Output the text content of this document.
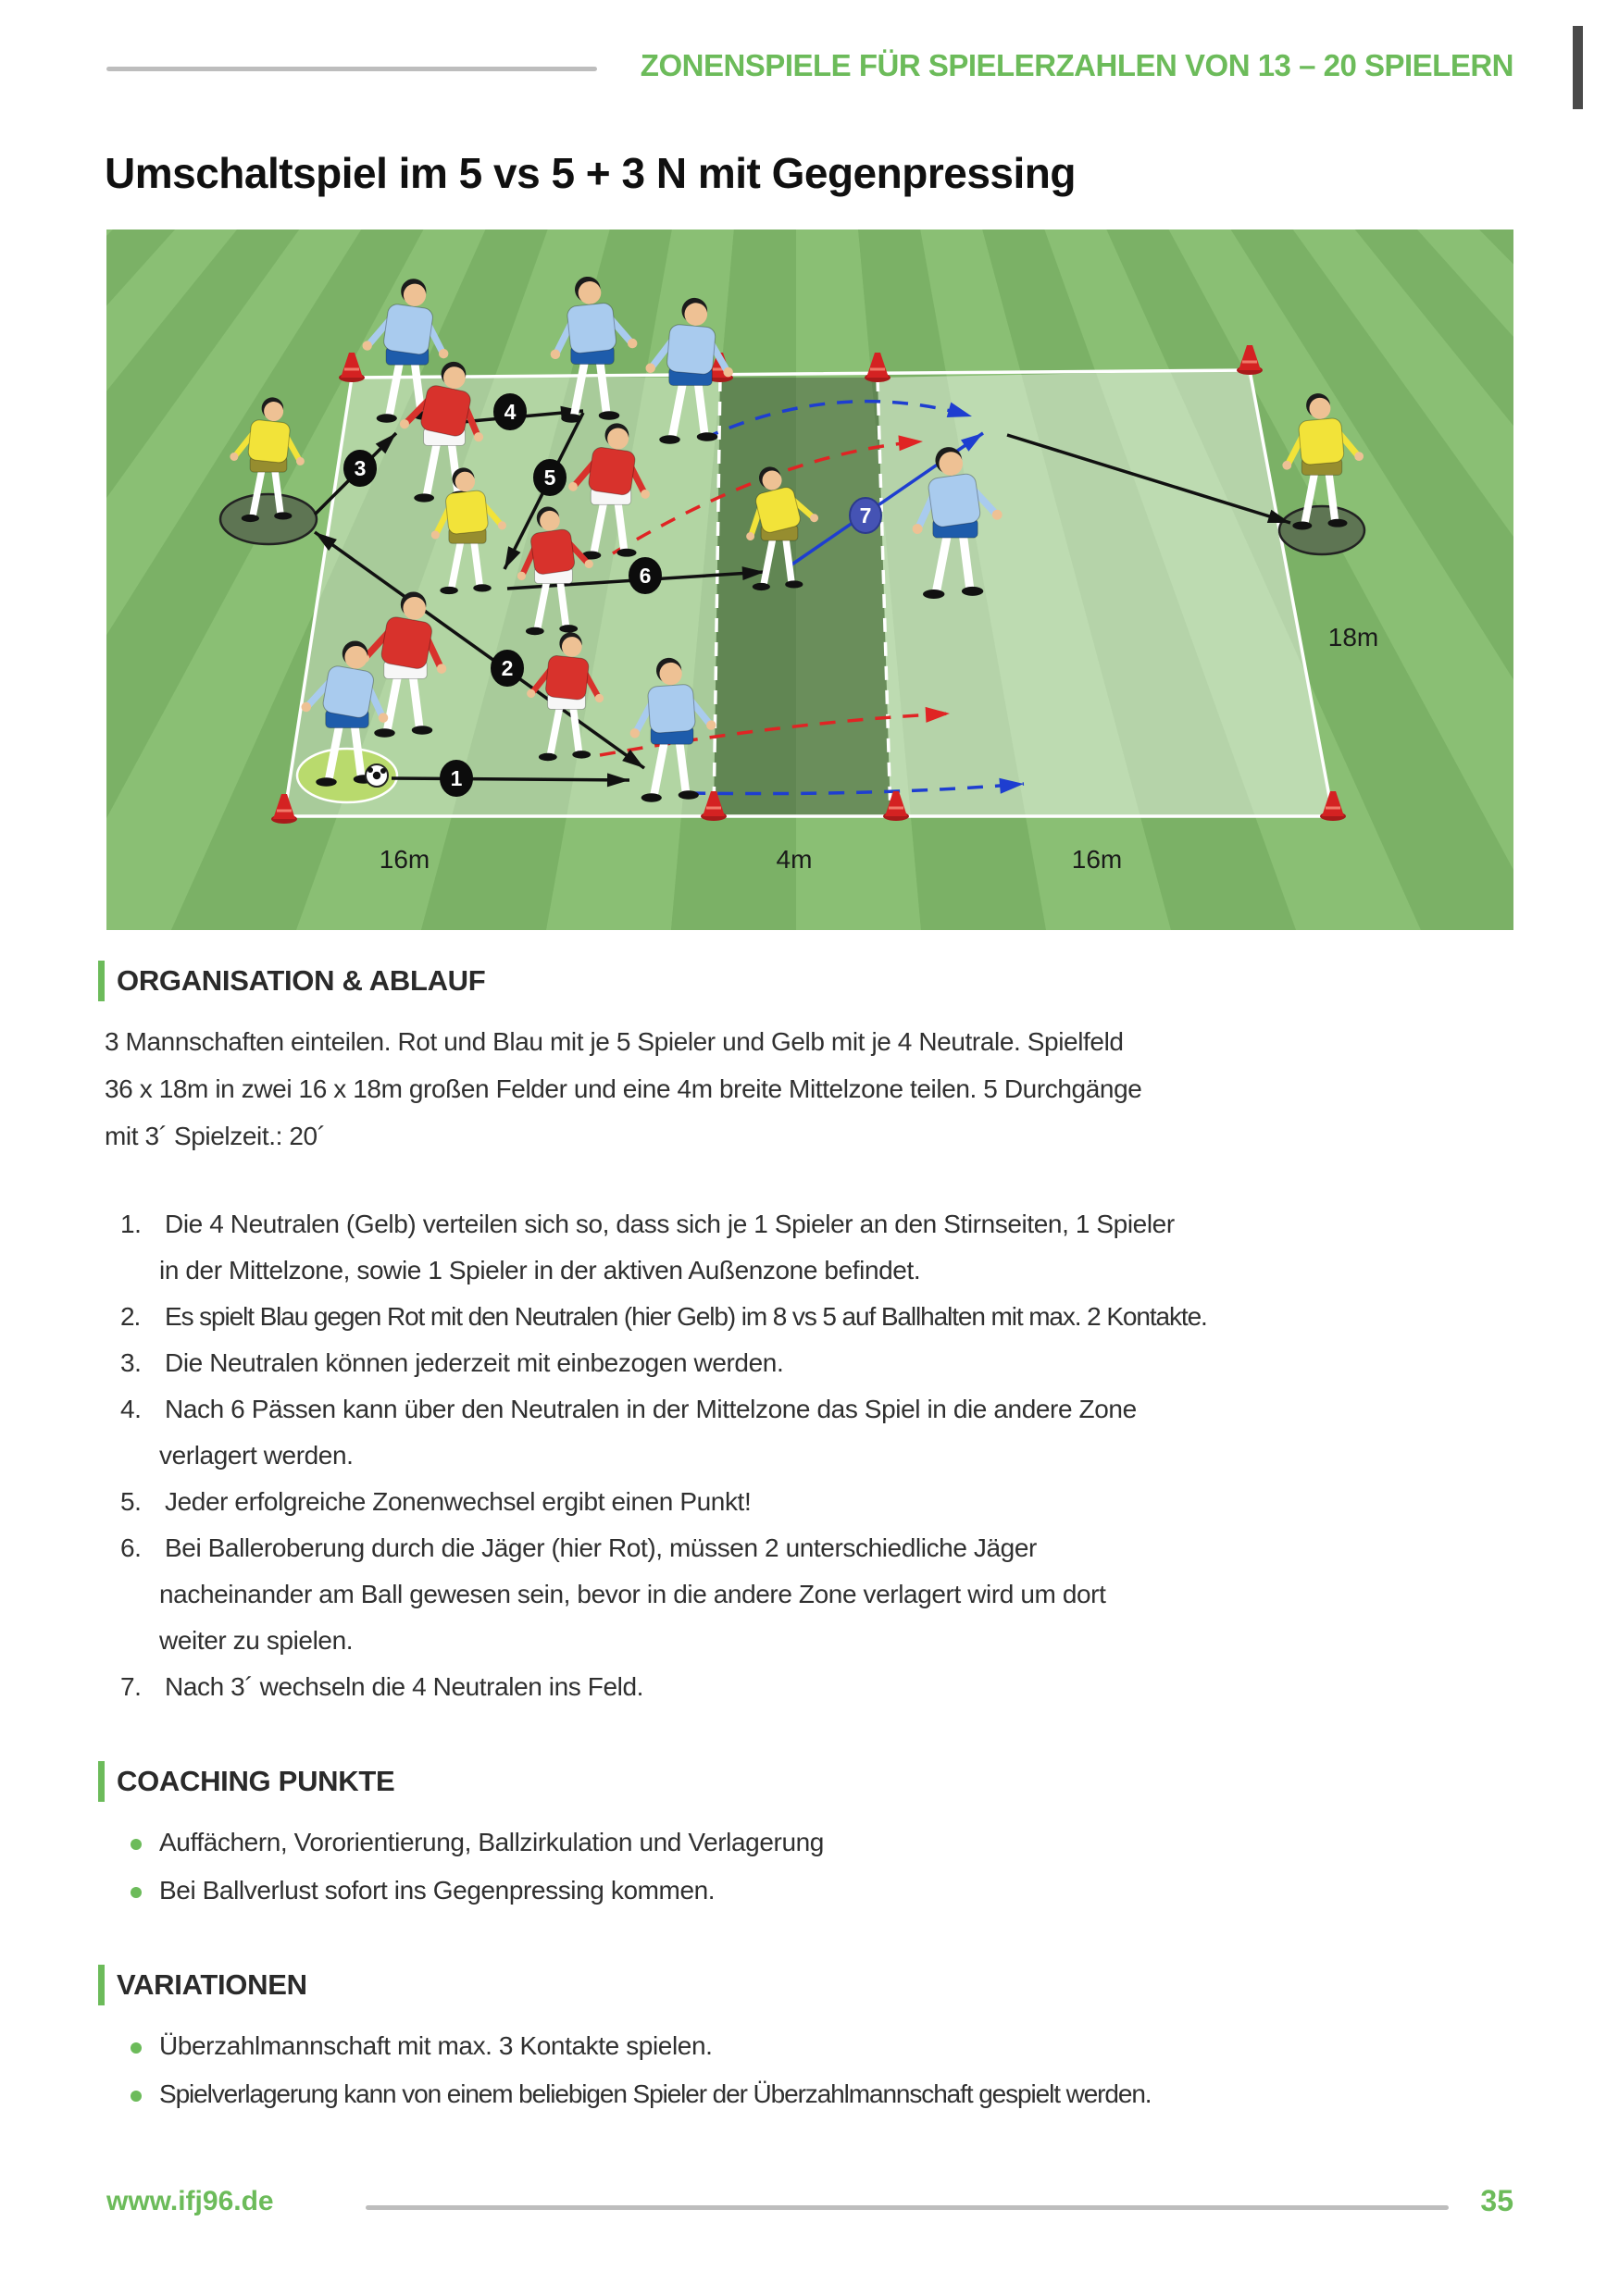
ZONENSPIELE FÜR SPIELERZAHLEN VON 13 – 20 SPIELERN
Umschaltspiel im 5 vs 5 + 3 N mit Gegenpressing
1
2
3
4
5
6
7
16m	4m	16m
18m
ORGANISATION & ABLAUF
3 Mannschaften einteilen. Rot und Blau mit je 5 Spieler und Gelb mit je 4 Neutrale. Spielfeld
36 x 18m in zwei 16 x 18m großen Felder und eine 4m breite Mittelzone teilen. 5 Durchgänge
mit 3´ Spielzeit.: 20´
1. Die 4 Neutralen (Gelb) verteilen sich so, dass sich je 1 Spieler an den Stirnseiten, 1 Spieler
in der Mittelzone, sowie 1 Spieler in der aktiven Außenzone befindet.
2. Es spielt Blau gegen Rot mit den Neutralen (hier Gelb) im 8 vs 5 auf Ballhalten mit max. 2 Kontakte.
3. Die Neutralen können jederzeit mit einbezogen werden.
4. Nach 6 Pässen kann über den Neutralen in der Mittelzone das Spiel in die andere Zone
verlagert werden.
5. Jeder erfolgreiche Zonenwechsel ergibt einen Punkt!
6. Bei Balleroberung durch die Jäger (hier Rot), müssen 2 unterschiedliche Jäger
nacheinander am Ball gewesen sein, bevor in die andere Zone verlagert wird um dort
weiter zu spielen.
7. Nach 3´ wechseln die 4 Neutralen ins Feld.
COACHING PUNKTE
Auffächern, Vororientierung, Ballzirkulation und Verlagerung
Bei Ballverlust sofort ins Gegenpressing kommen.
VARIATIONEN
Überzahlmannschaft mit max. 3 Kontakte spielen.
Spielverlagerung kann von einem beliebigen Spieler der Überzahlmannschaft gespielt werden.
www.ifj96.de	35
